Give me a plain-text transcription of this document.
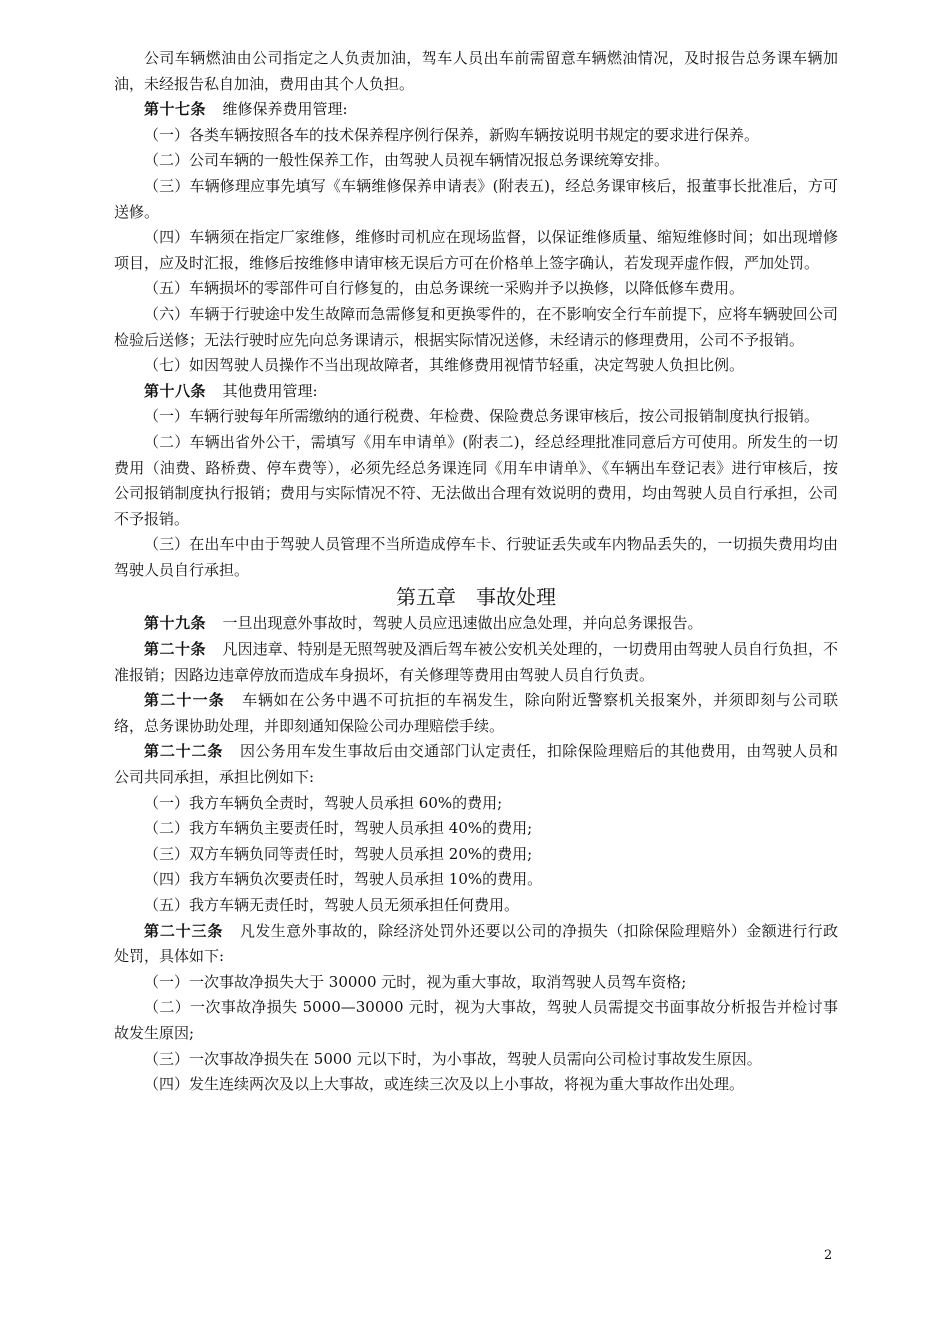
公司车辆燃油由公司指定之人负责加油，驾车人员出车前需留意车辆燃油情况，及时报告总务课车辆加油，未经报告私自加油，费用由其个人负担。

第十七条 维修保养费用管理:

（一）各类车辆按照各车的技术保养程序例行保养，新购车辆按说明书规定的要求进行保养。

（二）公司车辆的一般性保养工作，由驾驶人员视车辆情况报总务课统筹安排。

（三）车辆修理应事先填写《车辆维修保养申请表》(附表五)，经总务课审核后，报董事长批准后，方可送修。

（四）车辆须在指定厂家维修，维修时司机应在现场监督，以保证维修质量、缩短维修时间；如出现增修项目，应及时汇报，维修后按维修申请审核无误后方可在价格单上签字确认，若发现弄虚作假，严加处罚。

（五）车辆损坏的零部件可自行修复的，由总务课统一采购并予以换修，以降低修车费用。

（六）车辆于行驶途中发生故障而急需修复和更换零件的，在不影响安全行车前提下，应将车辆驶回公司检验后送修；无法行驶时应先向总务课请示，根据实际情况送修，未经请示的修理费用，公司不予报销。

（七）如因驾驶人员操作不当出现故障者，其维修费用视情节轻重，决定驾驶人负担比例。

第十八条 其他费用管理:

（一）车辆行驶每年所需缴纳的通行税费、年检费、保险费总务课审核后，按公司报销制度执行报销。

（二）车辆出省外公干，需填写《用车申请单》(附表二)，经总经理批准同意后方可使用。所发生的一切费用（油费、路桥费、停车费等），必须先经总务课连同《用车申请单》、《车辆出车登记表》进行审核后，按公司报销制度执行报销；费用与实际情况不符、无法做出合理有效说明的费用，均由驾驶人员自行承担，公司不予报销。

（三）在出车中由于驾驶人员管理不当所造成停车卡、行驶证丢失或车内物品丢失的，一切损失费用均由驾驶人员自行承担。

第五章　事故处理

第十九条 一旦出现意外事故时，驾驶人员应迅速做出应急处理，并向总务课报告。

第二十条 凡因违章、特别是无照驾驶及酒后驾车被公安机关处理的，一切费用由驾驶人员自行负担，不准报销；因路边违章停放而造成车身损坏，有关修理等费用由驾驶人员自行负责。

第二十一条 车辆如在公务中遇不可抗拒的车祸发生，除向附近警察机关报案外，并须即刻与公司联络，总务课协助处理，并即刻通知保险公司办理赔偿手续。

第二十二条 因公务用车发生事故后由交通部门认定责任，扣除保险理赔后的其他费用，由驾驶人员和公司共同承担，承担比例如下:

（一）我方车辆负全责时，驾驶人员承担 60%的费用;

（二）我方车辆负主要责任时，驾驶人员承担 40%的费用;

（三）双方车辆负同等责任时，驾驶人员承担 20%的费用;

（四）我方车辆负次要责任时，驾驶人员承担 10%的费用。

（五）我方车辆无责任时，驾驶人员无须承担任何费用。

第二十三条 凡发生意外事故的，除经济处罚外还要以公司的净损失（扣除保险理赔外）金额进行行政处罚，具体如下:

（一）一次事故净损失大于 30000 元时，视为重大事故，取消驾驶人员驾车资格;

（二）一次事故净损失 5000—30000 元时，视为大事故，驾驶人员需提交书面事故分析报告并检讨事故发生原因;

（三）一次事故净损失在 5000 元以下时，为小事故，驾驶人员需向公司检讨事故发生原因。

（四）发生连续两次及以上大事故，或连续三次及以上小事故，将视为重大事故作出处理。

2
